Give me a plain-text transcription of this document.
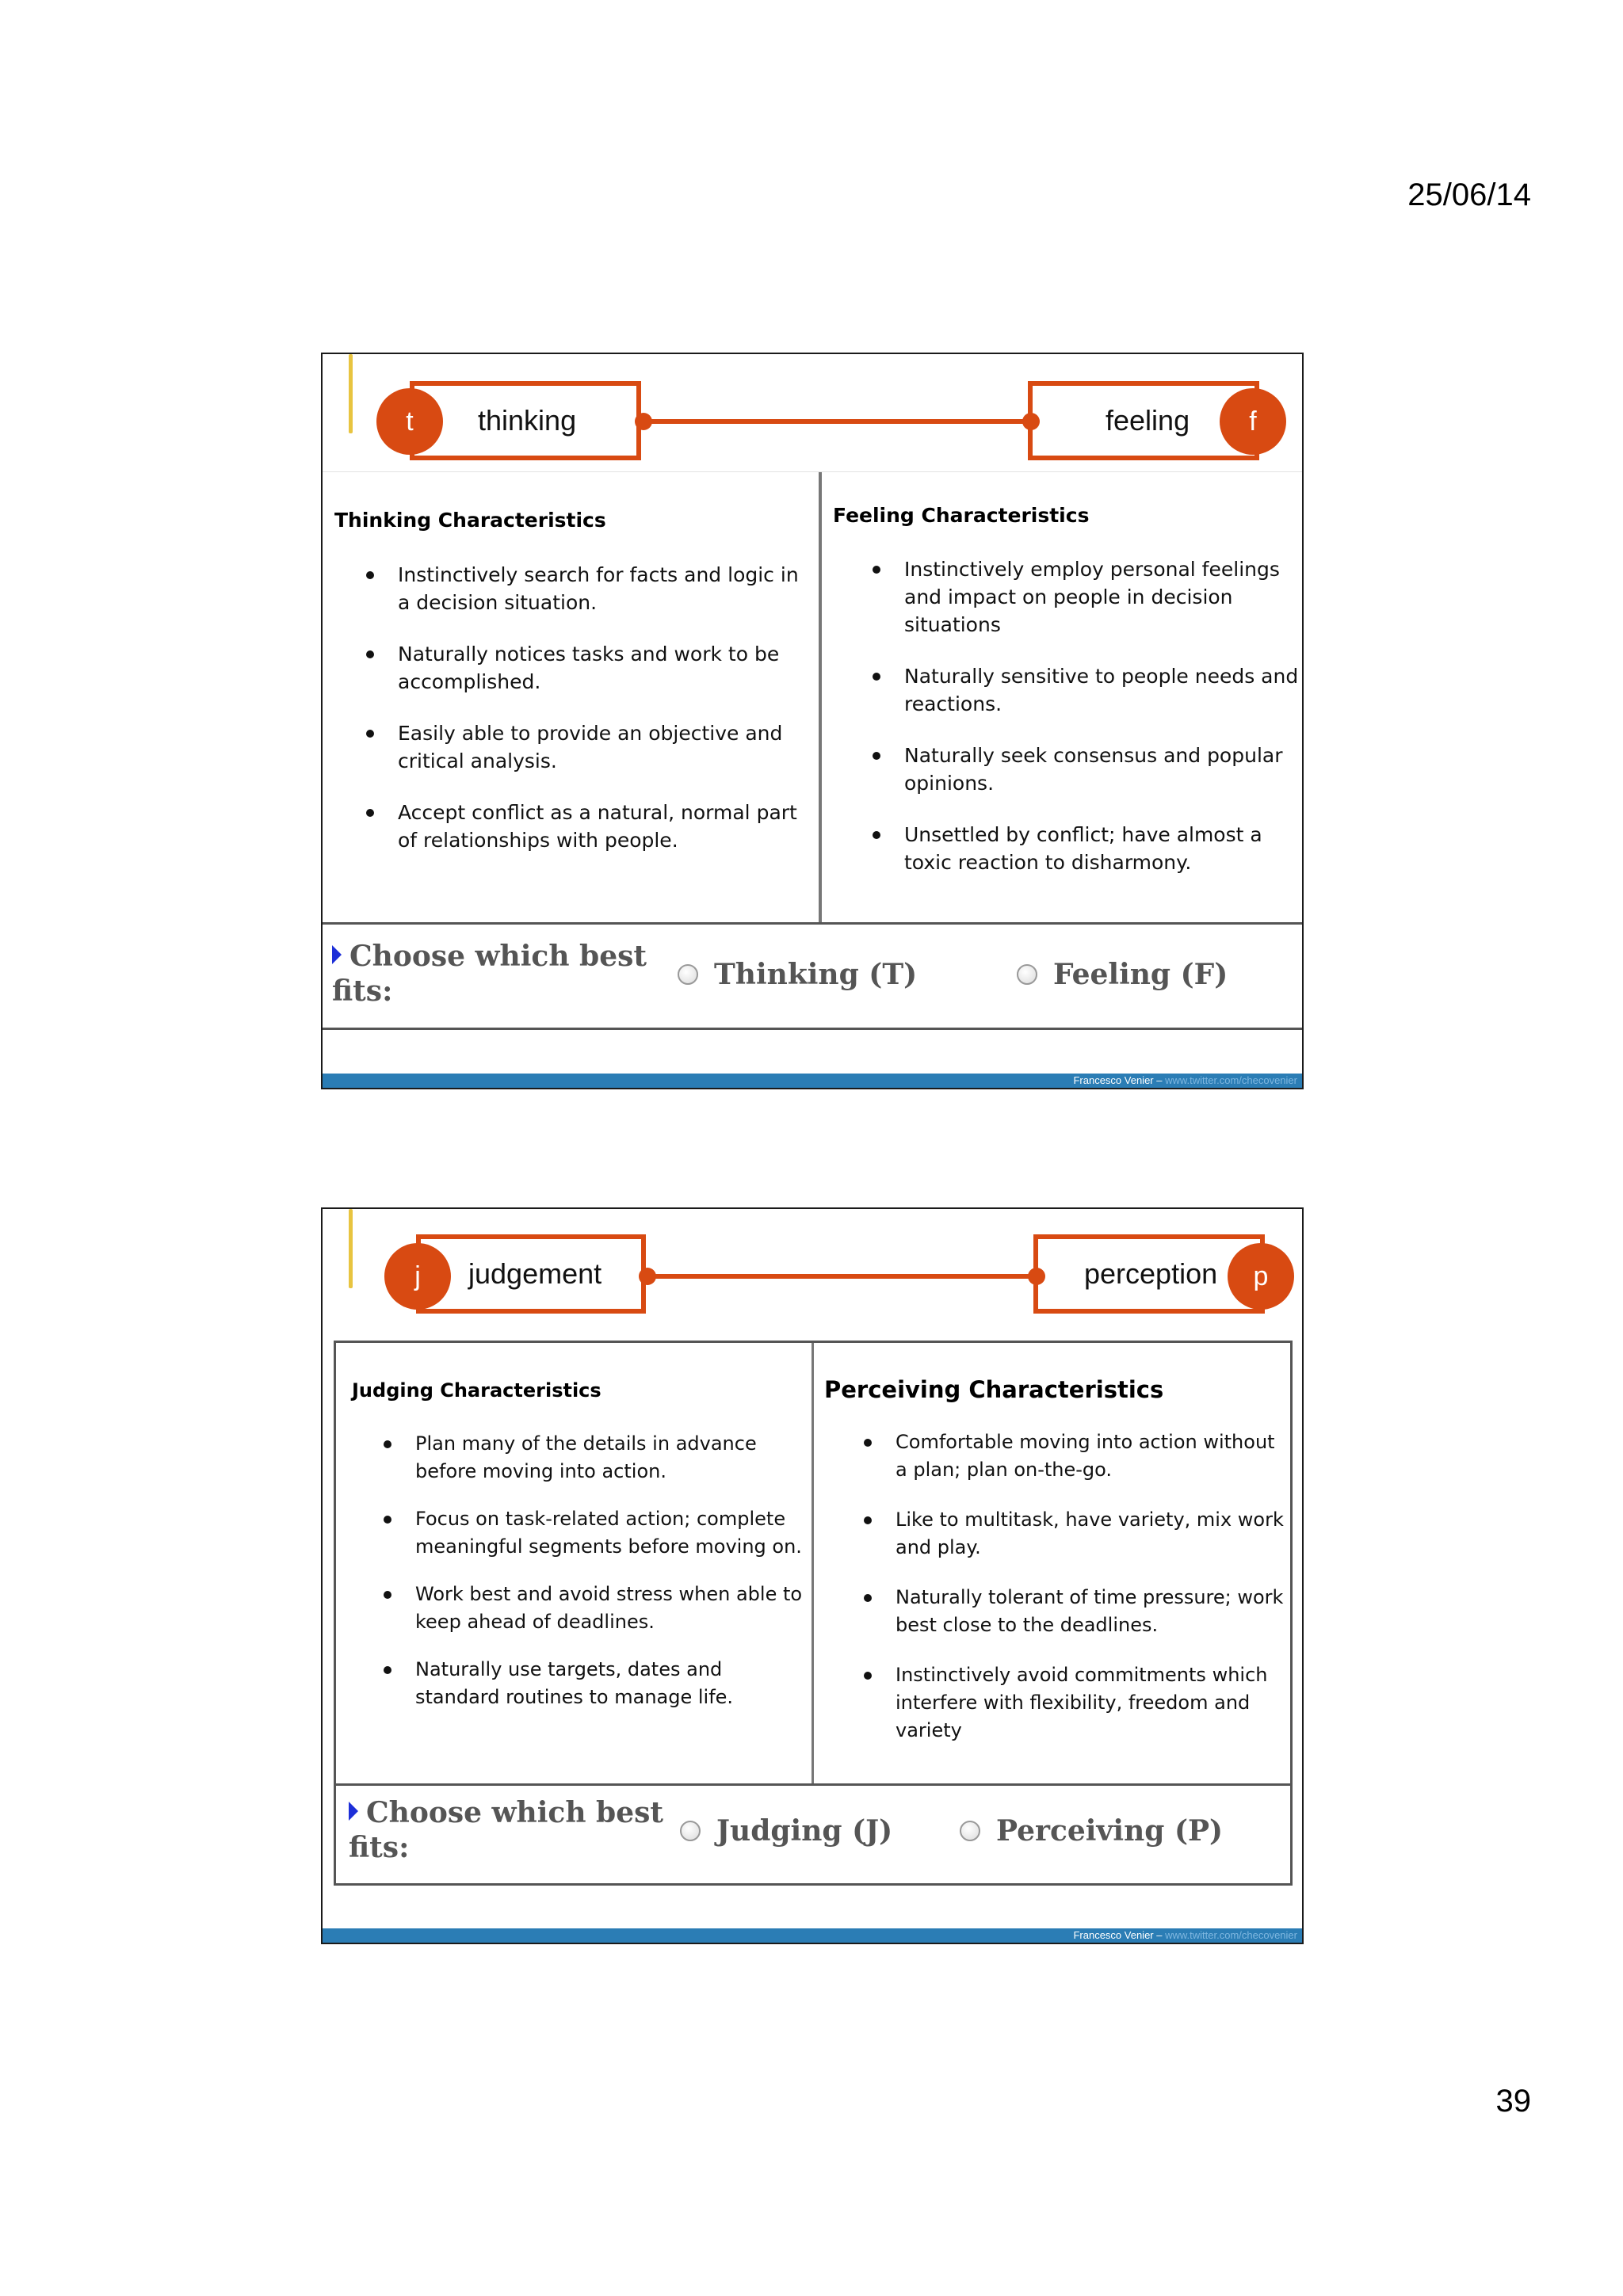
25/06/14
thinking
t	feeling f
Thinking Characteristics
Instinctively search for facts and logic in a decision situation.
Naturally notices tasks and work to be accomplished.
Easily able to provide an objective and critical analysis.
Accept conflict as a natural, normal part of relationships with people.
Feeling Characteristics
Instinctively employ personal feelings and impact on people in decision situations
Naturally sensitive to people needs and reactions.
Naturally seek consensus and popular opinions.
Unsettled by conflict; have almost a toxic reaction to disharmony.
Choose which best fits:	Thinking (T)	Feeling (F)
Francesco Venier – www.twitter.com/checovenier
judgement
j	perception p
Judging Characteristics
Plan many of the details in advance before moving into action.
Focus on task-related action; complete meaningful segments before moving on.
Work best and avoid stress when able to keep ahead of deadlines.
Naturally use targets, dates and standard routines to manage life.
Perceiving Characteristics
Comfortable moving into action without a plan; plan on-the-go.
Like to multitask, have variety, mix work and play.
Naturally tolerant of time pressure; work best close to the deadlines.
Instinctively avoid commitments which interfere with flexibility, freedom and variety
Choose which best fits:	Judging (J)	Perceiving (P)
Francesco Venier – www.twitter.com/checovenier
39
